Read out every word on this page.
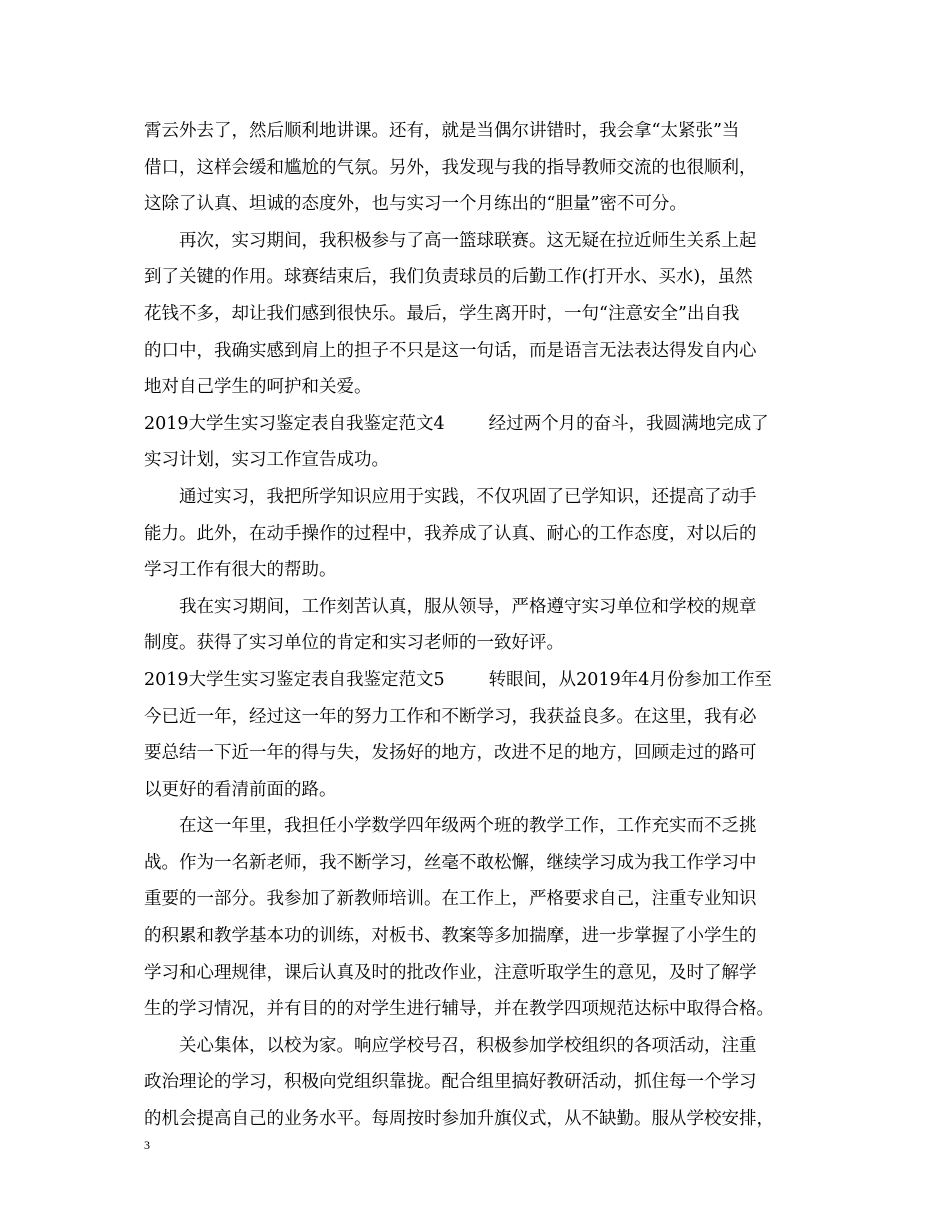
霄云外去了，然后顺利地讲课。还有，就是当偶尔讲错时，我会拿“太紧张”当
借口，这样会缓和尴尬的气氛。另外，我发现与我的指导教师交流的也很顺利，
这除了认真、坦诚的态度外，也与实习一个月练出的“胆量”密不可分。
再次，实习期间，我积极参与了高一篮球联赛。这无疑在拉近师生关系上起
到了关键的作用。球赛结束后，我们负责球员的后勤工作(打开水、买水)，虽然
花钱不多，却让我们感到很快乐。最后，学生离开时，一句“注意安全”出自我
的口中，我确实感到肩上的担子不只是这一句话，而是语言无法表达得发自内心
地对自己学生的呵护和关爱。
2019大学生实习鉴定表自我鉴定范文4	经过两个月的奋斗，我圆满地完成了
实习计划，实习工作宣告成功。
通过实习，我把所学知识应用于实践，不仅巩固了已学知识，还提高了动手
能力。此外，在动手操作的过程中，我养成了认真、耐心的工作态度，对以后的
学习工作有很大的帮助。
我在实习期间，工作刻苦认真，服从领导，严格遵守实习单位和学校的规章
制度。获得了实习单位的肯定和实习老师的一致好评。
2019大学生实习鉴定表自我鉴定范文5	转眼间，从2019年4月份参加工作至
今已近一年，经过这一年的努力工作和不断学习，我获益良多。在这里，我有必
要总结一下近一年的得与失，发扬好的地方，改进不足的地方，回顾走过的路可
以更好的看清前面的路。
在这一年里，我担任小学数学四年级两个班的教学工作，工作充实而不乏挑
战。作为一名新老师，我不断学习，丝毫不敢松懈，继续学习成为我工作学习中
重要的一部分。我参加了新教师培训。在工作上，严格要求自己，注重专业知识
的积累和教学基本功的训练，对板书、教案等多加揣摩，进一步掌握了小学生的
学习和心理规律，课后认真及时的批改作业，注意听取学生的意见，及时了解学
生的学习情况，并有目的的对学生进行辅导，并在教学四项规范达标中取得合格。
关心集体，以校为家。响应学校号召，积极参加学校组织的各项活动，注重
政治理论的学习，积极向党组织靠拢。配合组里搞好教研活动，抓住每一个学习
的机会提高自己的业务水平。每周按时参加升旗仪式，从不缺勤。服从学校安排，
3
